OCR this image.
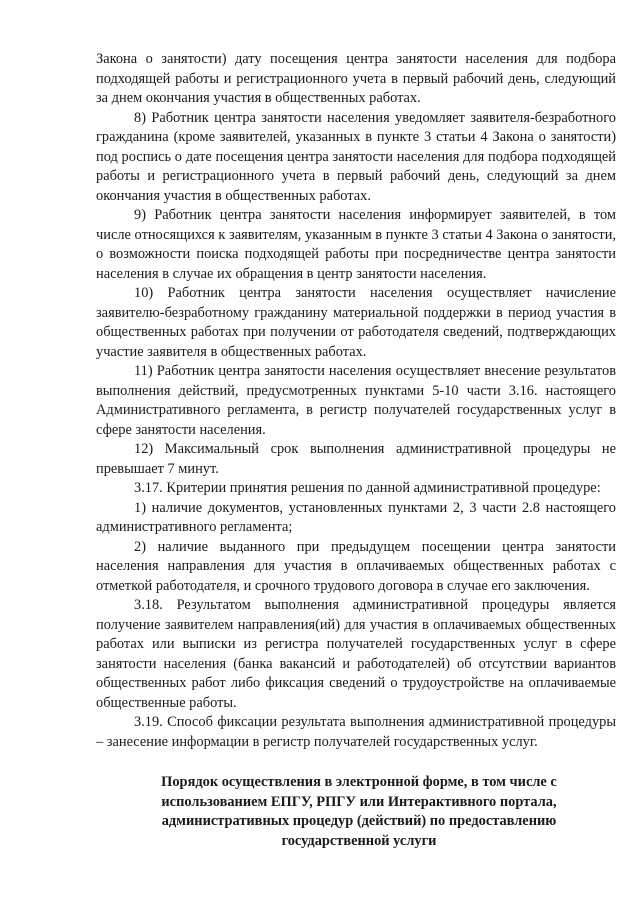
Закона о занятости) дату посещения центра занятости населения для подбора подходящей работы и регистрационного учета в первый рабочий день, следующий за днем окончания участия в общественных работах.

8) Работник центра занятости населения уведомляет заявителя-безработного гражданина (кроме заявителей, указанных в пункте 3 статьи 4 Закона о занятости) под роспись о дате посещения центра занятости населения для подбора подходящей работы и регистрационного учета в первый рабочий день, следующий за днем окончания участия в общественных работах.

9) Работник центра занятости населения информирует заявителей, в том числе относящихся к заявителям, указанным в пункте 3 статьи 4 Закона о занятости, о возможности поиска подходящей работы при посредничестве центра занятости населения в случае их обращения в центр занятости населения.

10) Работник центра занятости населения осуществляет начисление заявителю-безработному гражданину материальной поддержки в период участия в общественных работах при получении от работодателя сведений, подтверждающих участие заявителя в общественных работах.

11) Работник центра занятости населения осуществляет внесение результатов выполнения действий, предусмотренных пунктами 5-10 части 3.16. настоящего Административного регламента, в регистр получателей государственных услуг в сфере занятости населения.

12) Максимальный срок выполнения административной процедуры не превышает 7 минут.

3.17. Критерии принятия решения по данной административной процедуре:

1) наличие документов, установленных пунктами 2, 3 части 2.8 настоящего административного регламента;

2) наличие выданного при предыдущем посещении центра занятости населения направления для участия в оплачиваемых общественных работах с отметкой работодателя, и срочного трудового договора в случае его заключения.

3.18. Результатом выполнения административной процедуры является получение заявителем направления(ий) для участия в оплачиваемых общественных работах или выписки из регистра получателей государственных услуг в сфере занятости населения (банка вакансий и работодателей) об отсутствии вариантов общественных работ либо фиксация сведений о трудоустройстве на оплачиваемые общественные работы.

3.19. Способ фиксации результата выполнения административной процедуры – занесение информации в регистр получателей государственных услуг.

Порядок осуществления в электронной форме, в том числе с использованием ЕПГУ, РПГУ или Интерактивного портала, административных процедур (действий) по предоставлению государственной услуги
